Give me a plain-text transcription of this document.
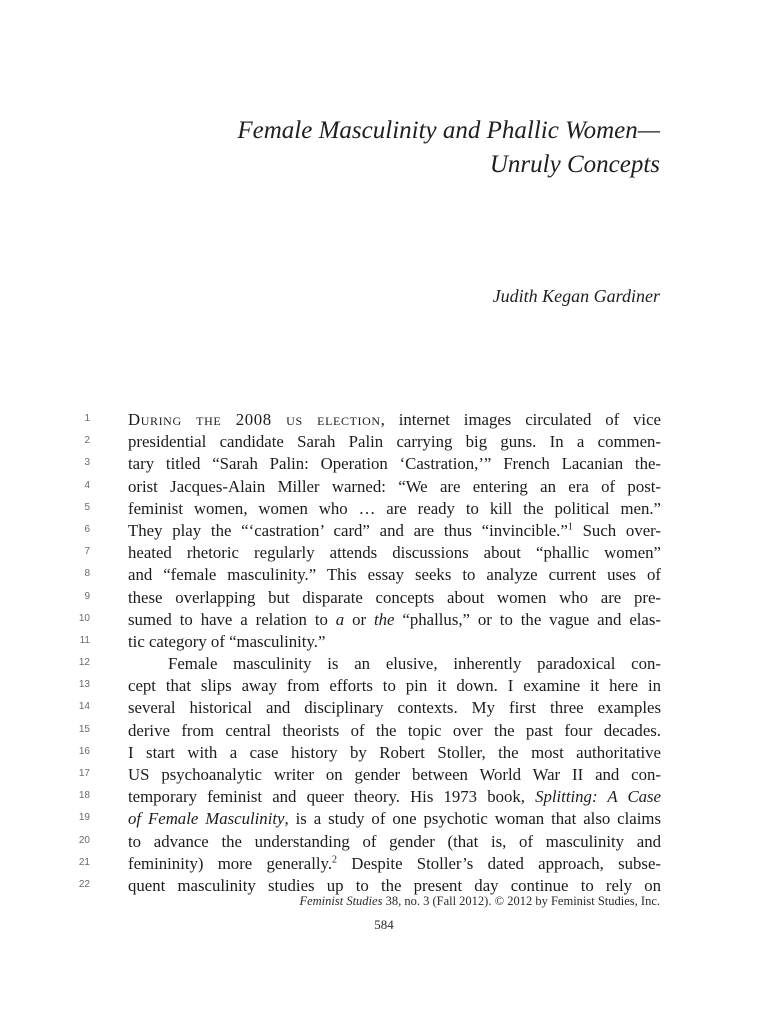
Female Masculinity and Phallic Women—
Unruly Concepts
Judith Kegan Gardiner
1 During the 2008 us election, internet images circulated of vice
2 presidential candidate Sarah Palin carrying big guns. In a commen-
3 tary titled “Sarah Palin: Operation ‘Castration,’” French Lacanian the-
4 orist Jacques-Alain Miller warned: “We are entering an era of post-
5 feminist women, women who … are ready to kill the political men.”
6 They play the “‘castration’ card” and are thus “invincible.”$^1$ Such over-
7 heated rhetoric regularly attends discussions about “phallic women”
8 and “female masculinity.” This essay seeks to analyze current uses of
9 these overlapping but disparate concepts about women who are pre-
10 sumed to have a relation to a or the “phallus,” or to the vague and elas-
11 tic category of “masculinity.”
12	Female masculinity is an elusive, inherently paradoxical con-
13 cept that slips away from efforts to pin it down. I examine it here in
14 several historical and disciplinary contexts. My first three examples
15 derive from central theorists of the topic over the past four decades.
16 I start with a case history by Robert Stoller, the most authoritative
17 US psychoanalytic writer on gender between World War II and con-
18 temporary feminist and queer theory. His 1973 book, Splitting: A Case
19 of Female Masculinity, is a study of one psychotic woman that also claims
20 to advance the understanding of gender (that is, of masculinity and
21 femininity) more generally.$^2$ Despite Stoller’s dated approach, subse-
22 quent masculinity studies up to the present day continue to rely on
Feminist Studies 38, no. 3 (Fall 2012). © 2012 by Feminist Studies, Inc.
584
